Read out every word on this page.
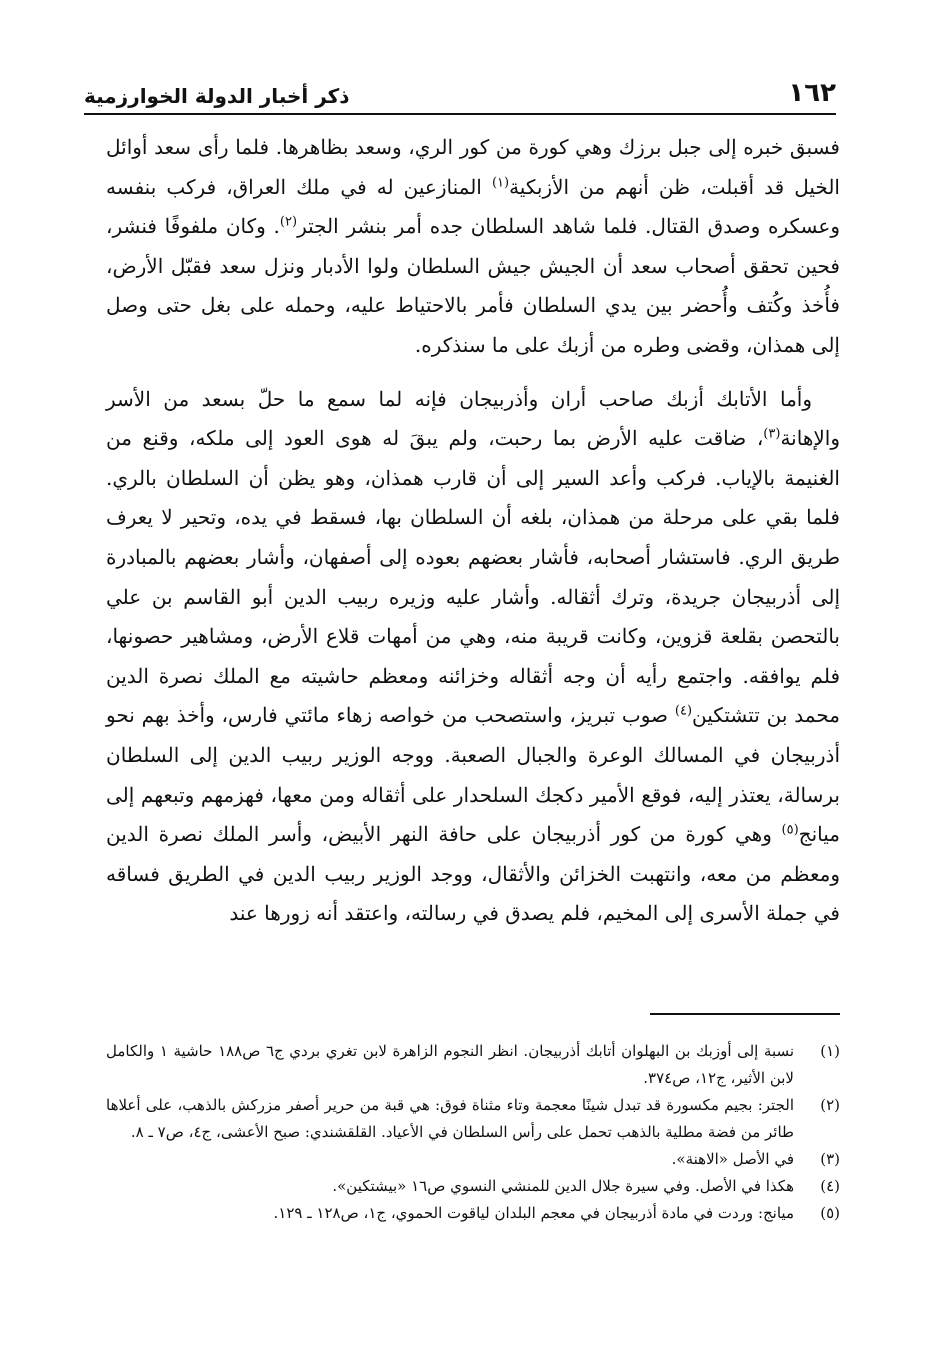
١٦٢
ذكر أخبار الدولة الخوارزمية

فسبق خبره إلى جبل برزك وهي كورة من كور الري، وسعد بظاهرها. فلما رأى سعد أوائل الخيل قد أقبلت، ظن أنهم من الأزبكية$^{(١)}$ المنازعين له في ملك العراق، فركب بنفسه وعسكره وصدق القتال. فلما شاهد السلطان جده أمر بنشر الجتر$^{(٢)}$. وكان ملفوفًا فنشر، فحين تحقق أصحاب سعد أن الجيش جيش السلطان ولوا الأدبار ونزل سعد فقبّل الأرض، فأُخذ وكُتف وأُحضر بين يدي السلطان فأمر بالاحتياط عليه، وحمله على بغل حتى وصل إلى همذان، وقضى وطره من أزبك على ما سنذكره.

وأما الأتابك أزبك صاحب أران وأذربيجان فإنه لما سمع ما حلّ بسعد من الأسر والإهانة$^{(٣)}$، ضاقت عليه الأرض بما رحبت، ولم يبقَ له هوى العود إلى ملكه، وقنع من الغنيمة بالإياب. فركب وأعد السير إلى أن قارب همذان، وهو يظن أن السلطان بالري. فلما بقي على مرحلة من همذان، بلغه أن السلطان بها، فسقط في يده، وتحير لا يعرف طريق الري. فاستشار أصحابه، فأشار بعضهم بعوده إلى أصفهان، وأشار بعضهم بالمبادرة إلى أذربيجان جريدة، وترك أثقاله. وأشار عليه وزيره ربيب الدين أبو القاسم بن علي بالتحصن بقلعة قزوين، وكانت قريبة منه، وهي من أمهات قلاع الأرض، ومشاهير حصونها، فلم يوافقه. واجتمع رأيه أن وجه أثقاله وخزائنه ومعظم حاشيته مع الملك نصرة الدين محمد بن تتشتكين$^{(٤)}$ صوب تبريز، واستصحب من خواصه زهاء مائتي فارس، وأخذ بهم نحو أذربيجان في المسالك الوعرة والجبال الصعبة. ووجه الوزير ربيب الدين إلى السلطان برسالة، يعتذر إليه، فوقع الأمير دكجك السلحدار على أثقاله ومن معها، فهزمهم وتبعهم إلى ميانج$^{(٥)}$ وهي كورة من كور أذربيجان على حافة النهر الأبيض، وأسر الملك نصرة الدين ومعظم من معه، وانتهبت الخزائن والأثقال، ووجد الوزير ربيب الدين في الطريق فساقه في جملة الأسرى إلى المخيم، فلم يصدق في رسالته، واعتقد أنه زورها عند

(١)
نسبة إلى أوزبك بن البهلوان أتابك أذربيجان. انظر النجوم الزاهرة لابن تغري بردي ج٦ ص١٨٨ حاشية ١ والكامل لابن الأثير، ج١٢، ص٣٧٤.
(٢)
الجتر: بجيم مكسورة قد تبدل شينًا معجمة وتاء مثناة فوق: هي قبة من حرير أصفر مزركش بالذهب، على أعلاها طائر من فضة مطلية بالذهب تحمل على رأس السلطان في الأعياد. القلقشندي: صبح الأعشى، ج٤، ص٧ ـ ٨.
(٣)
في الأصل «الاهنة».
(٤)
هكذا في الأصل. وفي سيرة جلال الدين للمنشي النسوي ص١٦ «بيشتكين».
(٥)
ميانج: وردت في مادة أذربيجان في معجم البلدان لياقوت الحموي، ج١، ص١٢٨ ـ ١٢٩.
